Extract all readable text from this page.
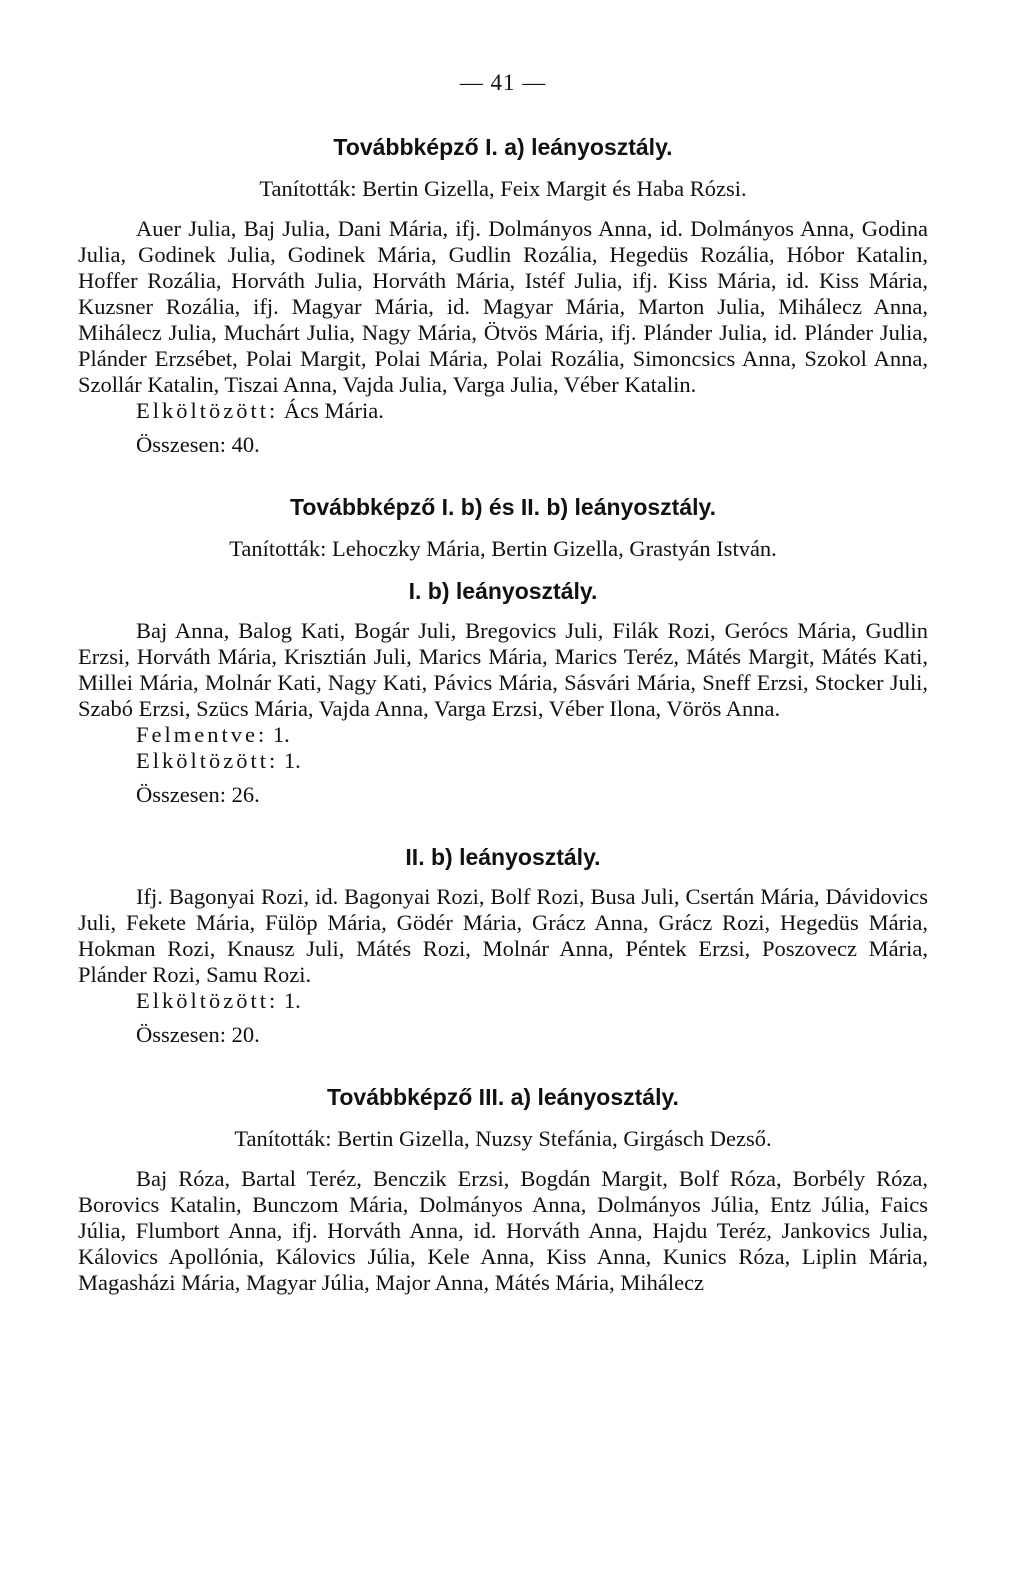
— 41 —
Továbbképző I. a) leányosztály.

Tanították: Bertin Gizella, Feix Margit és Haba Rózsi.

Auer Julia, Baj Julia, Dani Mária, ifj. Dolmányos Anna, id. Dolmányos Anna, Godina Julia, Godinek Julia, Godinek Mária, Gudlin Rozália, Hegedüs Rozália, Hóbor Katalin, Hoffer Rozália, Horváth Julia, Horváth Mária, Istéf Julia, ifj. Kiss Mária, id. Kiss Mária, Kuzsner Rozália, ifj. Magyar Mária, id. Magyar Mária, Marton Julia, Mihálecz Anna, Mihálecz Julia, Muchárt Julia, Nagy Mária, Ötvös Mária, ifj. Plánder Julia, id. Plánder Julia, Plánder Erzsébet, Polai Margit, Polai Mária, Polai Rozália, Simoncsics Anna, Szokol Anna, Szollár Katalin, Tiszai Anna, Vajda Julia, Varga Julia, Véber Katalin.

Elköltözött: Ács Mária.

Összesen: 40.

Továbbképző I. b) és II. b) leányosztály.

Tanították: Lehoczky Mária, Bertin Gizella, Grastyán István.

I. b) leányosztály.

Baj Anna, Balog Kati, Bogár Juli, Bregovics Juli, Filák Rozi, Gerócs Mária, Gudlin Erzsi, Horváth Mária, Krisztián Juli, Marics Mária, Marics Teréz, Mátés Margit, Mátés Kati, Millei Mária, Molnár Kati, Nagy Kati, Pávics Mária, Sásvári Mária, Sneff Erzsi, Stocker Juli, Szabó Erzsi, Szücs Mária, Vajda Anna, Varga Erzsi, Véber Ilona, Vörös Anna.

Felmentve: 1.

Elköltözött: 1.

Összesen: 26.

II. b) leányosztály.

Ifj. Bagonyai Rozi, id. Bagonyai Rozi, Bolf Rozi, Busa Juli, Csertán Mária, Dávidovics Juli, Fekete Mária, Fülöp Mária, Gödér Mária, Grácz Anna, Grácz Rozi, Hegedüs Mária, Hokman Rozi, Knausz Juli, Mátés Rozi, Molnár Anna, Péntek Erzsi, Poszovecz Mária, Plánder Rozi, Samu Rozi.

Elköltözött: 1.

Összesen: 20.

Továbbképző III. a) leányosztály.

Tanították: Bertin Gizella, Nuzsy Stefánia, Girgásch Dezső.

Baj Róza, Bartal Teréz, Benczik Erzsi, Bogdán Margit, Bolf Róza, Borbély Róza, Borovics Katalin, Bunczom Mária, Dolmányos Anna, Dolmányos Júlia, Entz Júlia, Faics Júlia, Flumbort Anna, ifj. Horváth Anna, id. Horváth Anna, Hajdu Teréz, Jankovics Julia, Kálovics Apollónia, Kálovics Júlia, Kele Anna, Kiss Anna, Kunics Róza, Liplin Mária, Magasházi Mária, Magyar Júlia, Major Anna, Mátés Mária, Mihálecz
